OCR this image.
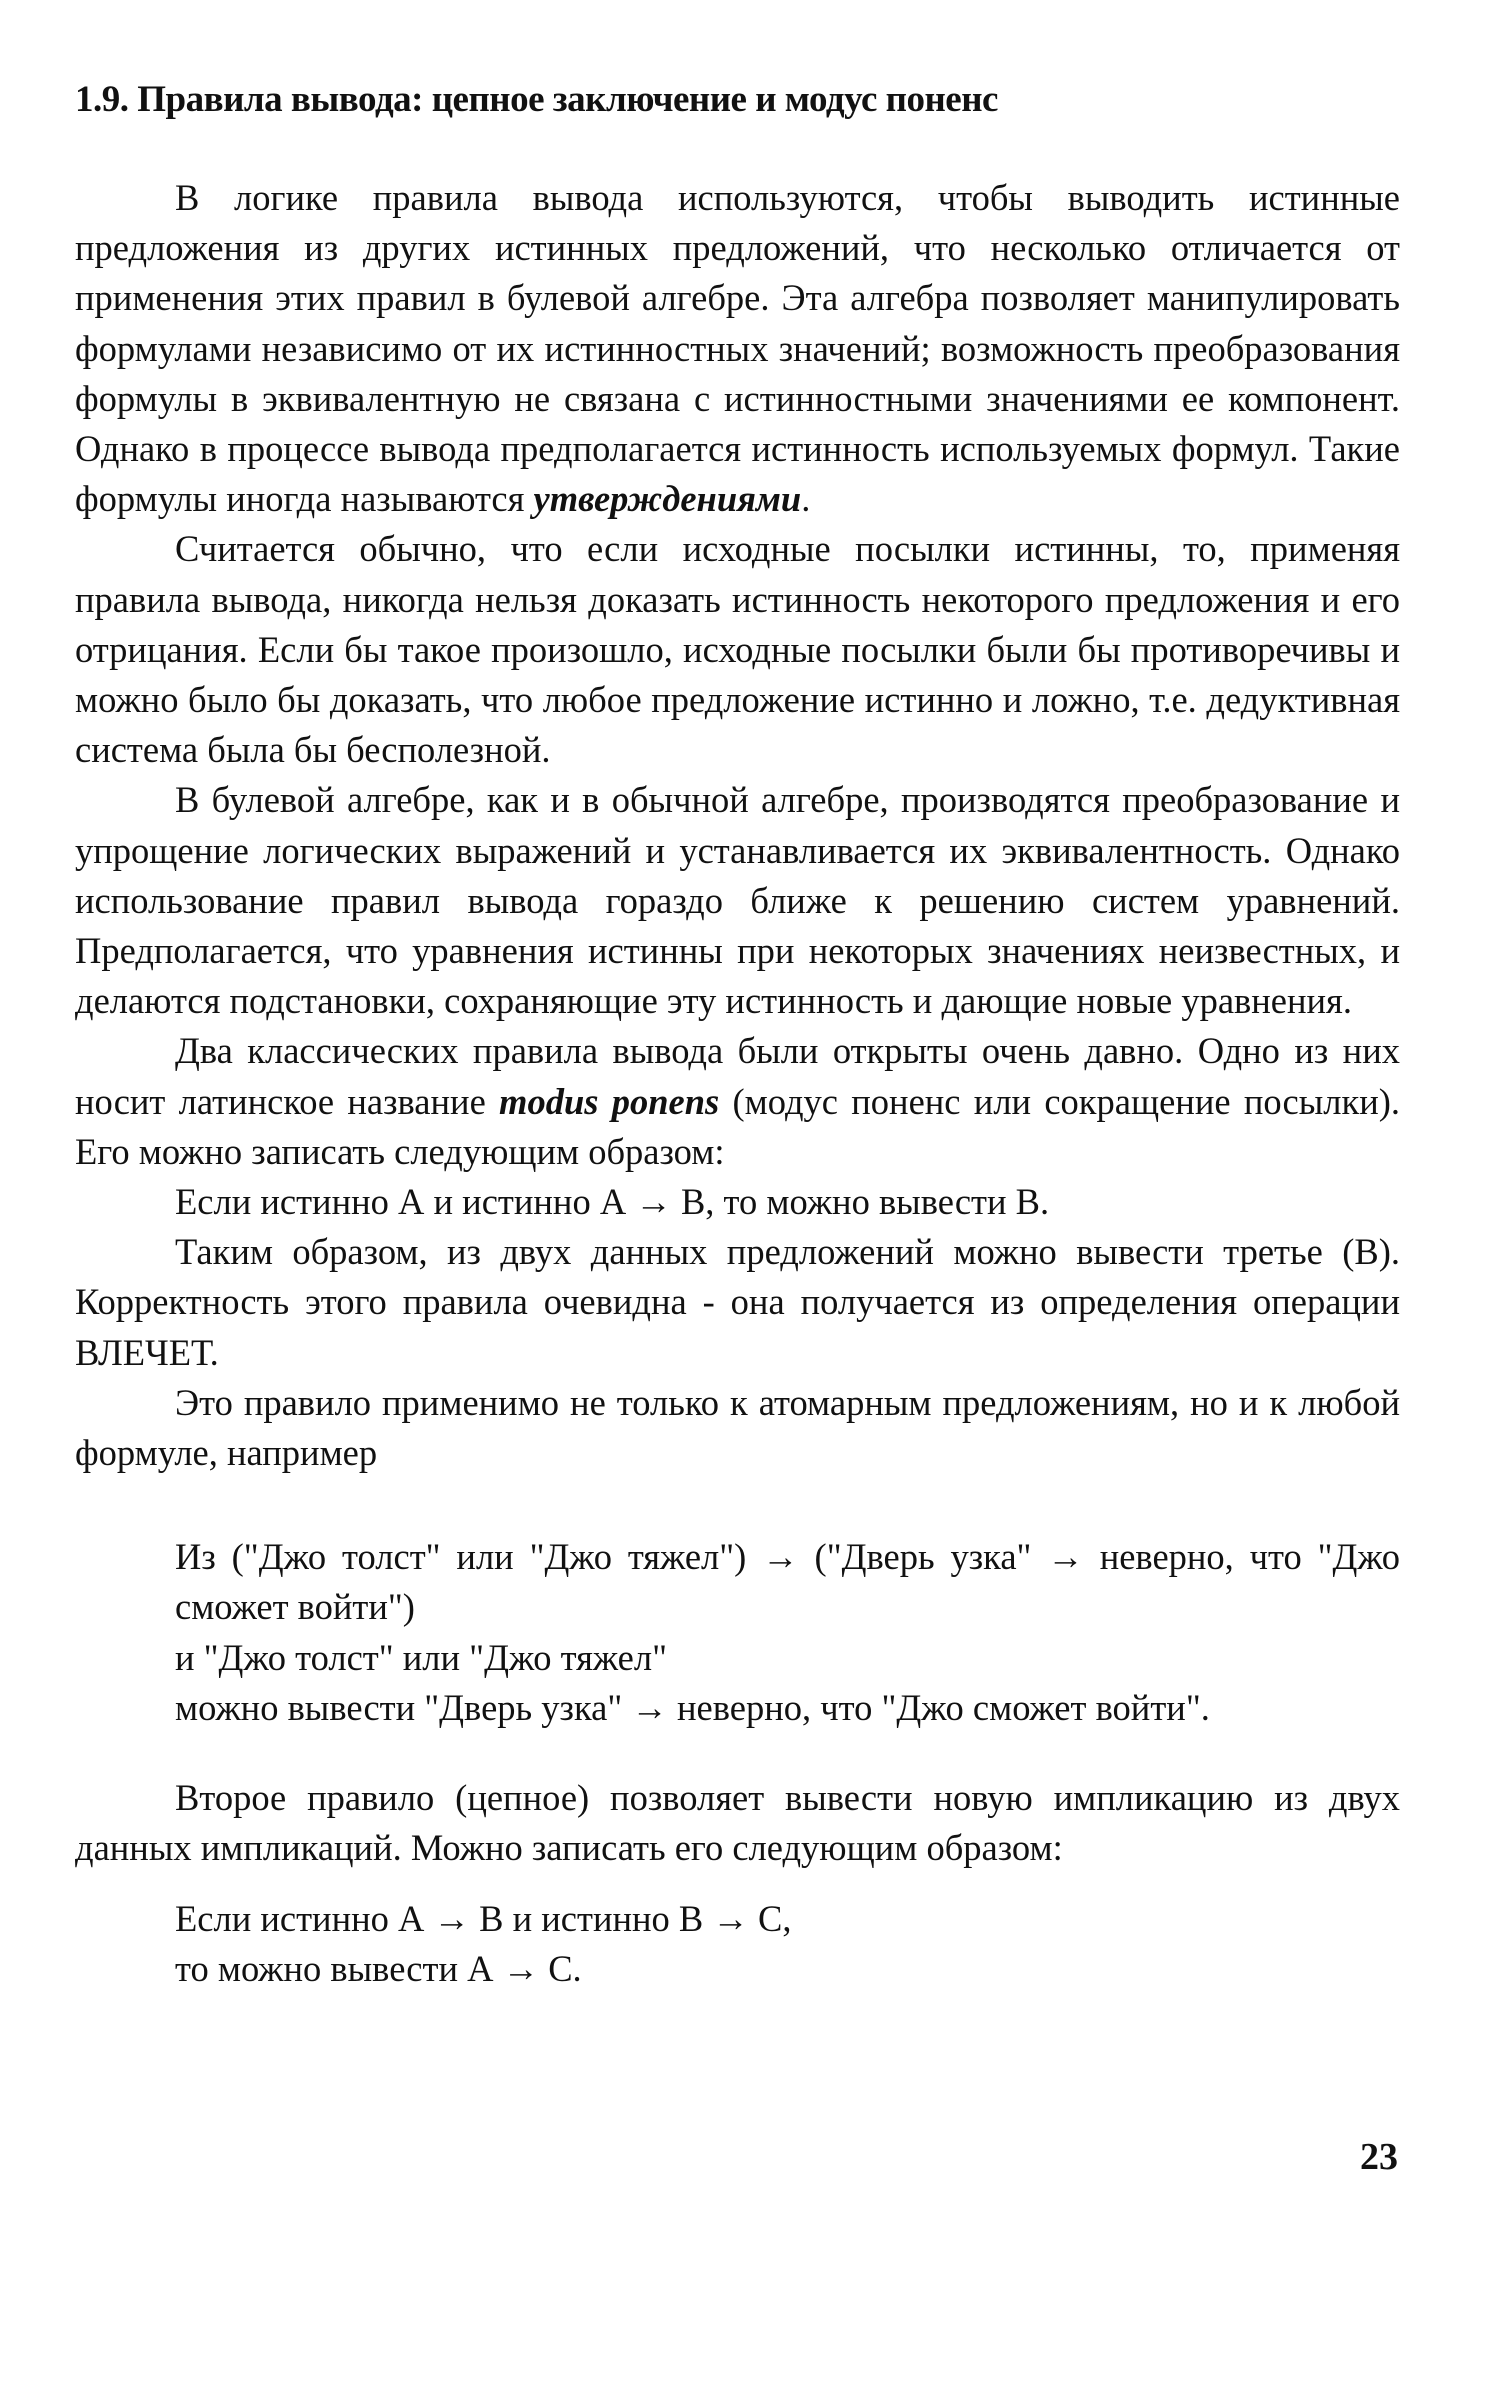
1.9. Правила вывода: цепное заключение и модус поненс

В логике правила вывода используются, чтобы выводить истинные предложения из других истинных предложений, что несколько отличается от применения этих правил в булевой алгебре. Эта алгебра позволяет манипулировать формулами независимо от их истинностных значений; возможность преобразования формулы в эквивалентную не связана с истинностными значениями ее компонент. Однако в процессе вывода предполагается истинность используемых формул. Такие формулы иногда называются утверждениями.

Считается обычно, что если исходные посылки истинны, то, применяя правила вывода, никогда нельзя доказать истинность некоторого предложения и его отрицания. Если бы такое произошло, исходные посылки были бы противоречивы и можно было бы доказать, что любое предложение истинно и ложно, т.е. дедуктивная система была бы бесполезной.

В булевой алгебре, как и в обычной алгебре, производятся преобразование и упрощение логических выражений и устанавливается их эквивалентность. Однако использование правил вывода гораздо ближе к решению систем уравнений. Предполагается, что уравнения истинны при некоторых значениях неизвестных, и делаются подстановки, сохраняющие эту истинность и дающие новые уравнения.

Два классических правила вывода были открыты очень давно. Одно из них носит латинское название modus ponens (модус поненс или сокращение посылки). Его можно записать следующим образом:

Если истинно А и истинно А → В, то можно вывести В.

Таким образом, из двух данных предложений можно вывести третье (В). Корректность этого правила очевидна - она получается из определения операции ВЛЕЧЕТ.

Это правило применимо не только к атомарным предложениям, но и к любой формуле, например

Из ("Джо толст" или "Джо тяжел") → ("Дверь узка" → неверно, что "Джо сможет войти")

и "Джо толст" или "Джо тяжел"

можно вывести "Дверь узка" → неверно, что "Джо сможет войти".

Второе правило (цепное) позволяет вывести новую импликацию из двух данных импликаций. Можно записать его следующим образом:

Если истинно А → В и истинно В → С,

то можно вывести А → С.

23
